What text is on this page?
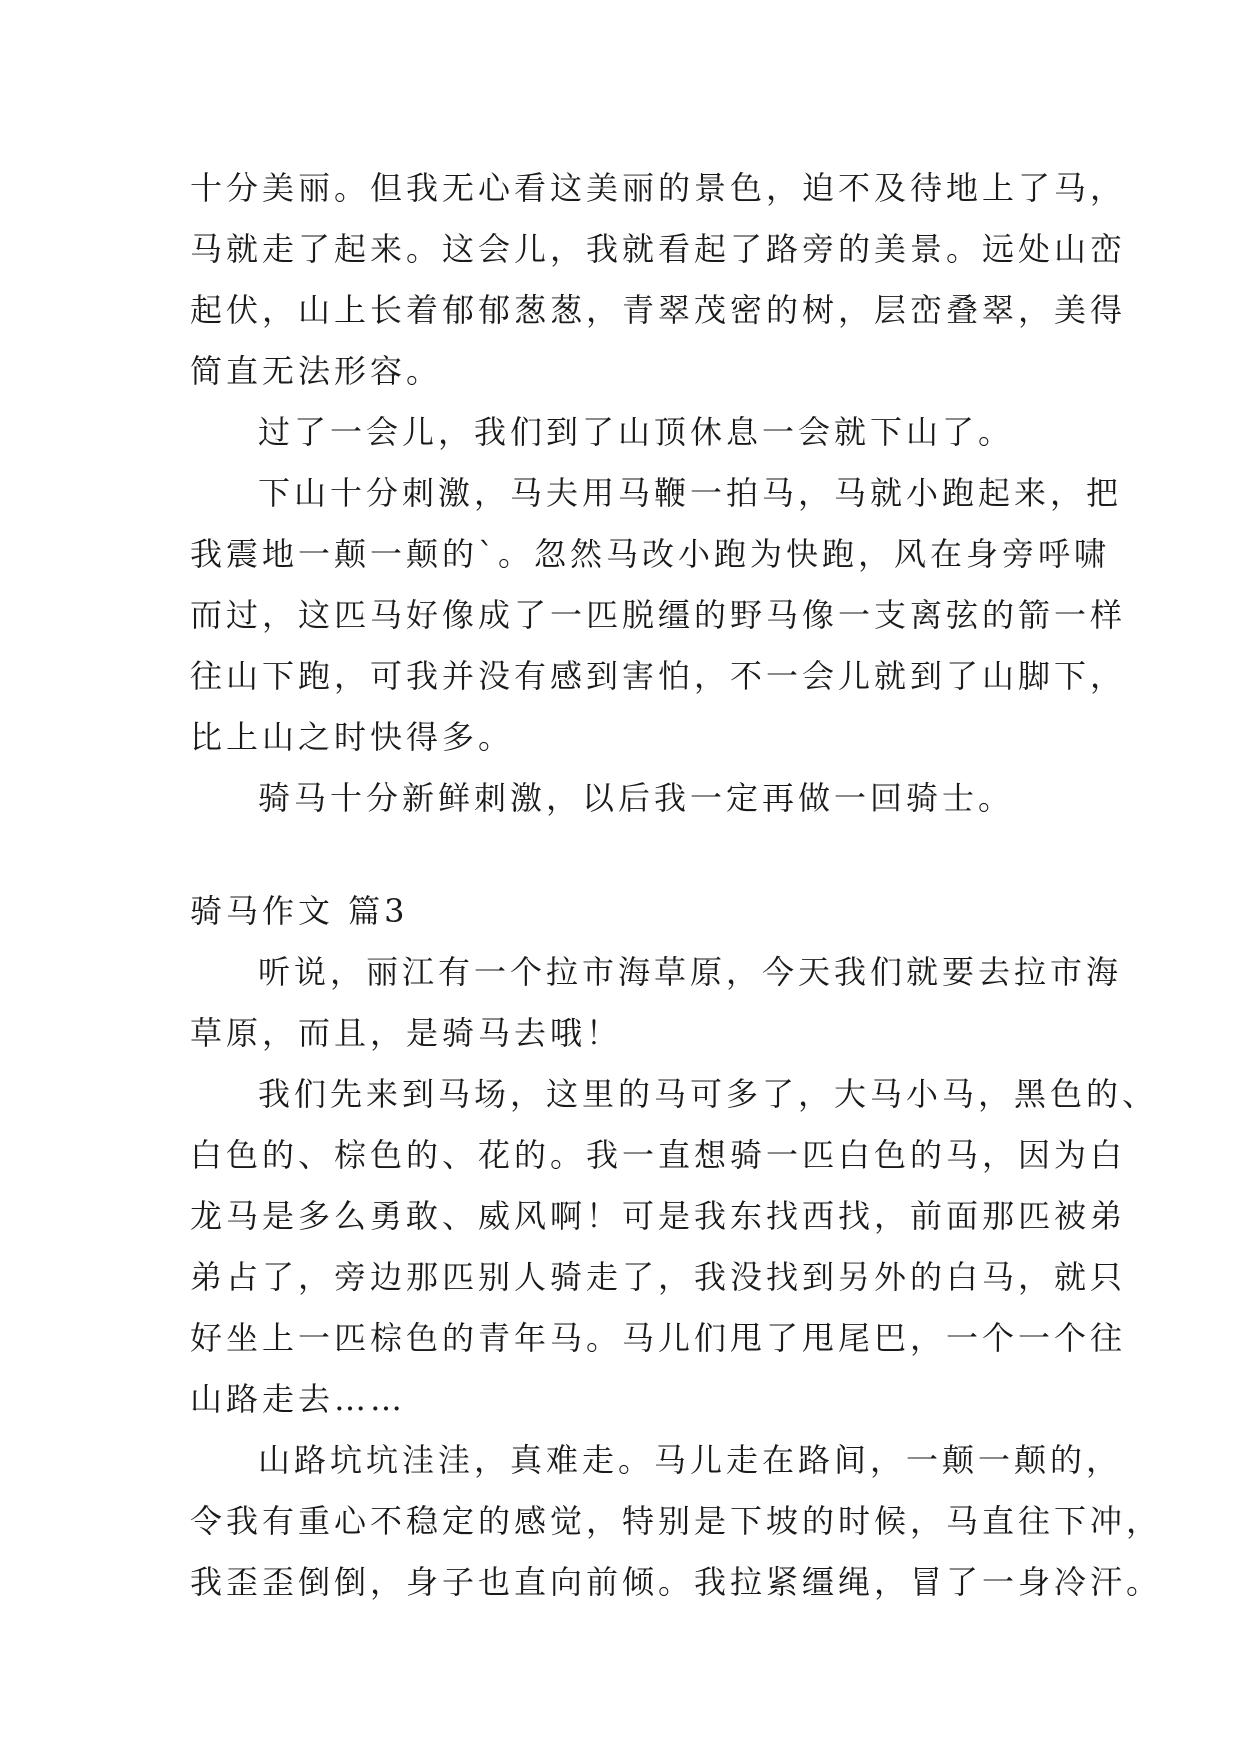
十分美丽。但我无心看这美丽的景色，迫不及待地上了马，
马就走了起来。这会儿，我就看起了路旁的美景。远处山峦
起伏，山上长着郁郁葱葱，青翠茂密的树，层峦叠翠，美得
简直无法形容。
过了一会儿，我们到了山顶休息一会就下山了。
下山十分刺激，马夫用马鞭一拍马，马就小跑起来，把
我震地一颠一颠的`。忽然马改小跑为快跑，风在身旁呼啸
而过，这匹马好像成了一匹脱缰的野马像一支离弦的箭一样
往山下跑，可我并没有感到害怕，不一会儿就到了山脚下，
比上山之时快得多。
骑马十分新鲜刺激，以后我一定再做一回骑士。
骑马作文 篇3
听说，丽江有一个拉市海草原，今天我们就要去拉市海
草原，而且，是骑马去哦！
我们先来到马场，这里的马可多了，大马小马，黑色的、
白色的、棕色的、花的。我一直想骑一匹白色的马，因为白
龙马是多么勇敢、威风啊！可是我东找西找，前面那匹被弟
弟占了，旁边那匹别人骑走了，我没找到另外的白马，就只
好坐上一匹棕色的青年马。马儿们甩了甩尾巴，一个一个往
山路走去……
山路坑坑洼洼，真难走。马儿走在路间，一颠一颠的，
令我有重心不稳定的感觉，特别是下坡的时候，马直往下冲，
我歪歪倒倒，身子也直向前倾。我拉紧缰绳，冒了一身冷汗。
